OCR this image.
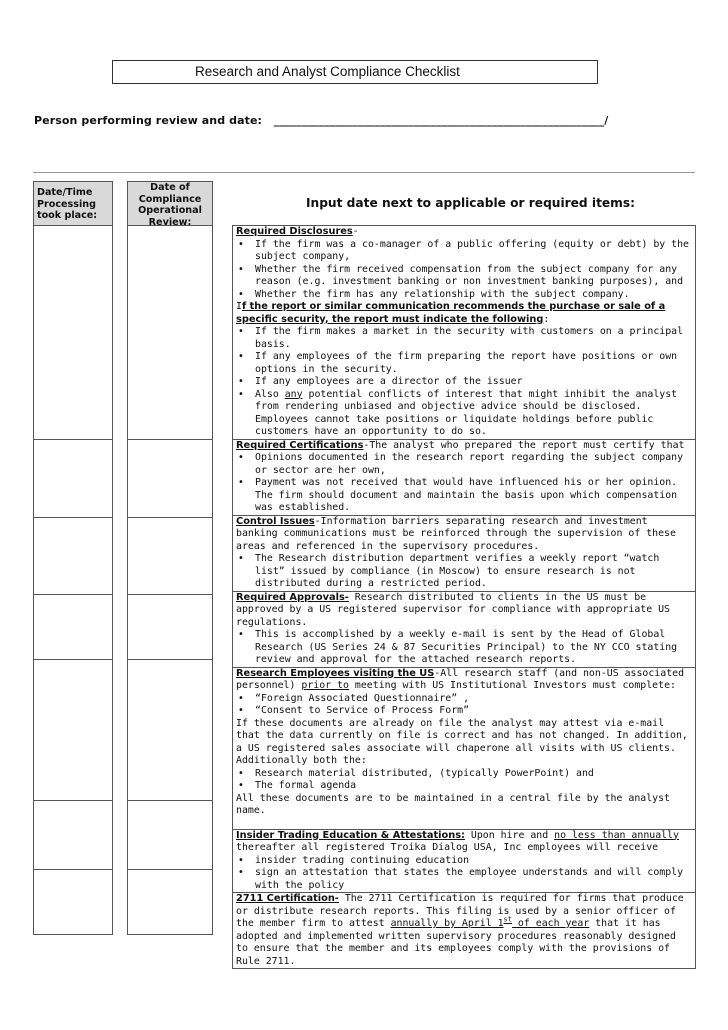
Research and Analyst Compliance Checklist
Person performing review and date: ___________________________________________________________/
Date/Time
Processing
took place:
Date of
Compliance
Operational
Review:
Input date next to applicable or required items:

Required Disclosures-

• If the firm was a co-manager of a public offering (equity or debt) by the subject company,
• Whether the firm received compensation from the subject company for any reason (e.g. investment banking or non investment banking purposes), and
• Whether the firm has any relationship with the subject company.

If the report or similar communication recommends the purchase or sale of a specific security, the report must indicate the following:

• If the firm makes a market in the security with customers on a principal basis.
• If any employees of the firm preparing the report have positions or own options in the security.
• If any employees are a director of the issuer
• Also any potential conflicts of interest that might inhibit the analyst from rendering unbiased and objective advice should be disclosed. Employees cannot take positions or liquidate holdings before public customers have an opportunity to do so.

Required Certifications-The analyst who prepared the report must certify that

• Opinions documented in the research report regarding the subject company or sector are her own,
• Payment was not received that would have influenced his or her opinion. The firm should document and maintain the basis upon which compensation was established.

Control Issues-Information barriers separating research and investment banking communications must be reinforced through the supervision of these areas and referenced in the supervisory procedures.

• The Research distribution department verifies a weekly report “watch list” issued by compliance (in Moscow) to ensure research is not distributed during a restricted period.

Required Approvals- Research distributed to clients in the US must be approved by a US registered supervisor for compliance with appropriate US regulations.

• This is accomplished by a weekly e-mail is sent by the Head of Global Research (US Series 24 & 87 Securities Principal) to the NY CCO stating review and approval for the attached research reports.

Research Employees visiting the US-All research staff (and non-US associated personnel) prior to meeting with US Institutional Investors must complete:

• “Foreign Associated Questionnaire” ,
• “Consent to Service of Process Form”

If these documents are already on file the analyst may attest via e-mail that the data currently on file is correct and has not changed. In addition, a US registered sales associate will chaperone all visits with US clients. Additionally both the:

• Research material distributed, (typically PowerPoint) and
• The formal agenda

All these documents are to be maintained in a central file by the analyst name.

Insider Trading Education & Attestations: Upon hire and no less than annually thereafter all registered Troika Dialog USA, Inc employees will receive

• insider trading continuing education
• sign an attestation that states the employee understands and will comply with the policy

2711 Certification- The 2711 Certification is required for firms that produce or distribute research reports. This filing is used by a senior officer of the member firm to attest annually by April 1st of each year that it has adopted and implemented written supervisory procedures reasonably designed to ensure that the member and its employees comply with the provisions of Rule 2711.
